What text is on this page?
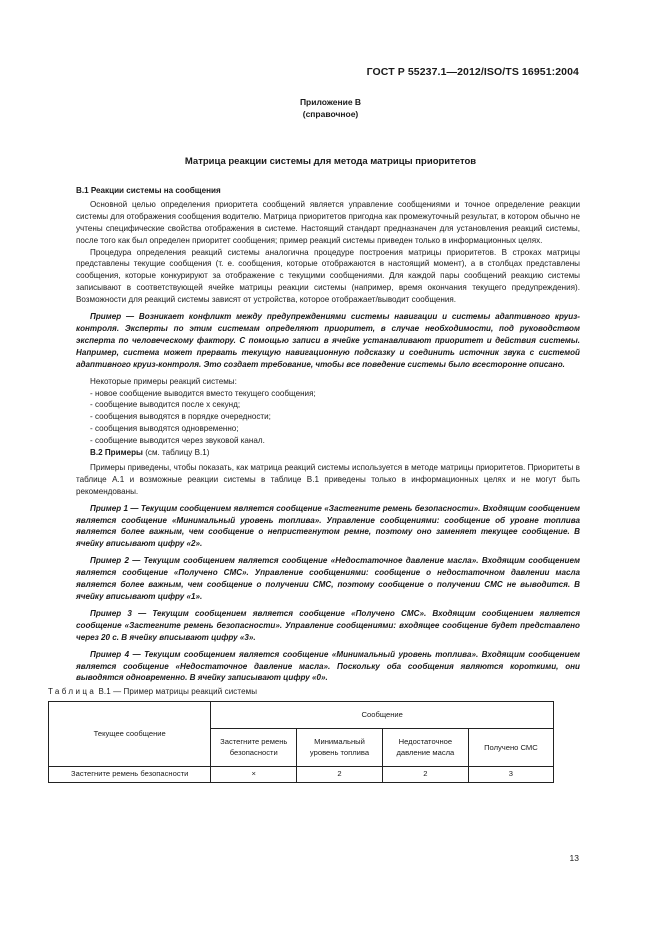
ГОСТ Р 55237.1—2012/ISO/TS 16951:2004
Приложение В
(справочное)
Матрица реакции системы для метода матрицы приоритетов

В.1 Реакции системы на сообщения

Основной целью определения приоритета сообщений является управление сообщениями и точное определение реакции системы для отображения сообщения водителю. Матрица приоритетов пригодна как промежуточный результат, в котором обычно не учтены специфические свойства отображения в системе. Настоящий стандарт предназначен для установления реакций системы, после того как был определен приоритет сообщения; пример реакций системы приведен только в информационных целях.

Процедура определения реакций системы аналогична процедуре построения матрицы приоритетов. В строках матрицы представлены текущие сообщения (т. е. сообщения, которые отображаются в настоящий момент), а в столбцах представлены сообщения, которые конкурируют за отображение с текущими сообщениями. Для каждой пары сообщений реакцию системы записывают в соответствующей ячейке матрицы реакции системы (например, время окончания текущего предупреждения). Возможности для реакций системы зависят от устройства, которое отображает/выводит сообщения.

Пример — Возникает конфликт между предупреждениями системы навигации и системы адаптивного круиз-контроля. Эксперты по этим системам определяют приоритет, в случае необходимости, под руководством эксперта по человеческому фактору. С помощью записи в ячейке устанавливают приоритет и действия системы. Например, система может прервать текущую навигационную подсказку и соединить источник звука с системой адаптивного круиз-контроля. Это создает требование, чтобы все поведение системы было всесторонне описано.

Некоторые примеры реакций системы:

- новое сообщение выводится вместо текущего сообщения;

- сообщение выводится после x секунд;

- сообщения выводятся в порядке очередности;

- сообщения выводятся одновременно;

- сообщение выводится через звуковой канал.

В.2 Примеры (см. таблицу В.1)

Примеры приведены, чтобы показать, как матрица реакций системы используется в методе матрицы приоритетов. Приоритеты в таблице А.1 и возможные реакции системы в таблице В.1 приведены только в информационных целях и не могут быть рекомендованы.

Пример 1 — Текущим сообщением является сообщение «Застегните ремень безопасности». Входящим сообщением является сообщение «Минимальный уровень топлива». Управление сообщениями: сообщение об уровне топлива является более важным, чем сообщение о непристегнутом ремне, поэтому оно заменяет текущее сообщение. В ячейку вписывают цифру «2».

Пример 2 — Текущим сообщением является сообщение «Недостаточное давление масла». Входящим сообщением является сообщение «Получено СМС». Управление сообщениями: сообщение о недостаточном давлении масла является более важным, чем сообщение о получении СМС, поэтому сообщение о получении СМС не выводится. В ячейку вписывают цифру «1».

Пример 3 — Текущим сообщением является сообщение «Получено СМС». Входящим сообщением является сообщение «Застегните ремень безопасности». Управление сообщениями: входящее сообщение будет представлено через 20 с. В ячейку вписывают цифру «3».

Пример 4 — Текущим сообщением является сообщение «Минимальный уровень топлива». Входящим сообщением является сообщение «Недостаточное давление масла». Поскольку оба сообщения являются короткими, они выводятся одновременно. В ячейку записывают цифру «0».

Таблица В.1 — Пример матрицы реакций системы
Текущее сообщение	Сообщение			
	Застегните ремень безопасности	Минимальный уровень топлива	Недостаточное давление масла	Получено СМС
Застегните ремень безопасности	×	2	2	3
13
